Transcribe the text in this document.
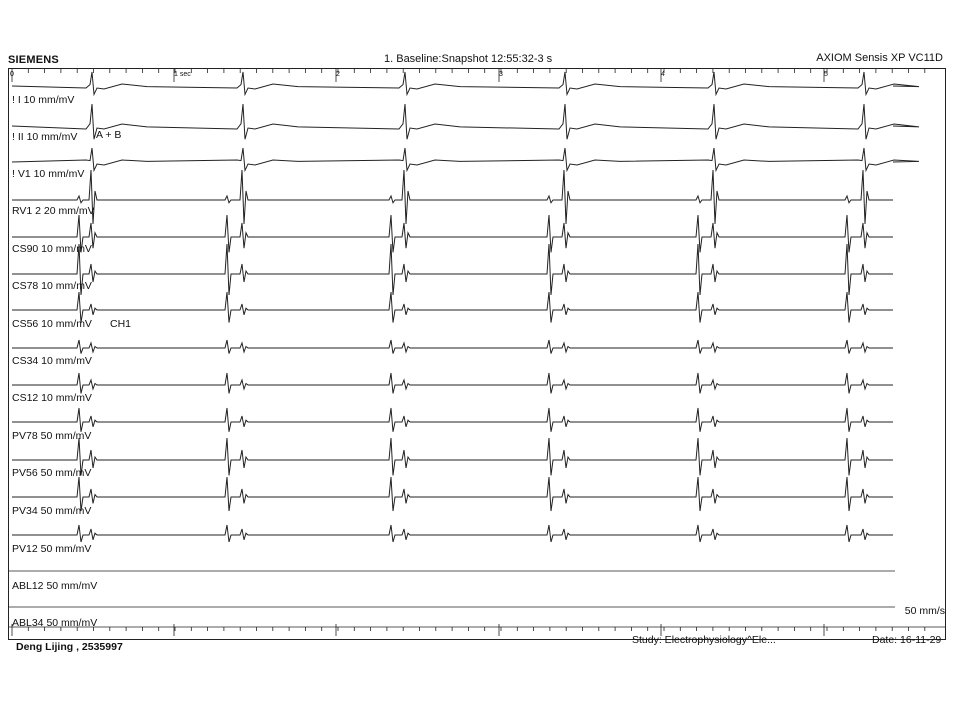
SIEMENS	1. Baseline:Snapshot 12:55:32-3 s	AXIOM Sensis XP VC11D
0	1 sec	2	3	4	5
! I 10 mm/mV
! II 10 mm/mV
! V1 10 mm/mV
RV1 2 20 mm/mV
CS90 10 mm/mV
CS78 10 mm/mV
CS56 10 mm/mV
CS34 10 mm/mV
CS12 10 mm/mV
PV78 50 mm/mV
PV56 50 mm/mV
PV34 50 mm/mV
PV12 50 mm/mV
ABL12 50 mm/mV
ABL34 50 mm/mV
A + B
CH1
50 mm/s
Deng Lijing , 2535997
Study: Electrophysiology^Ele...	Date: 16-11-29
